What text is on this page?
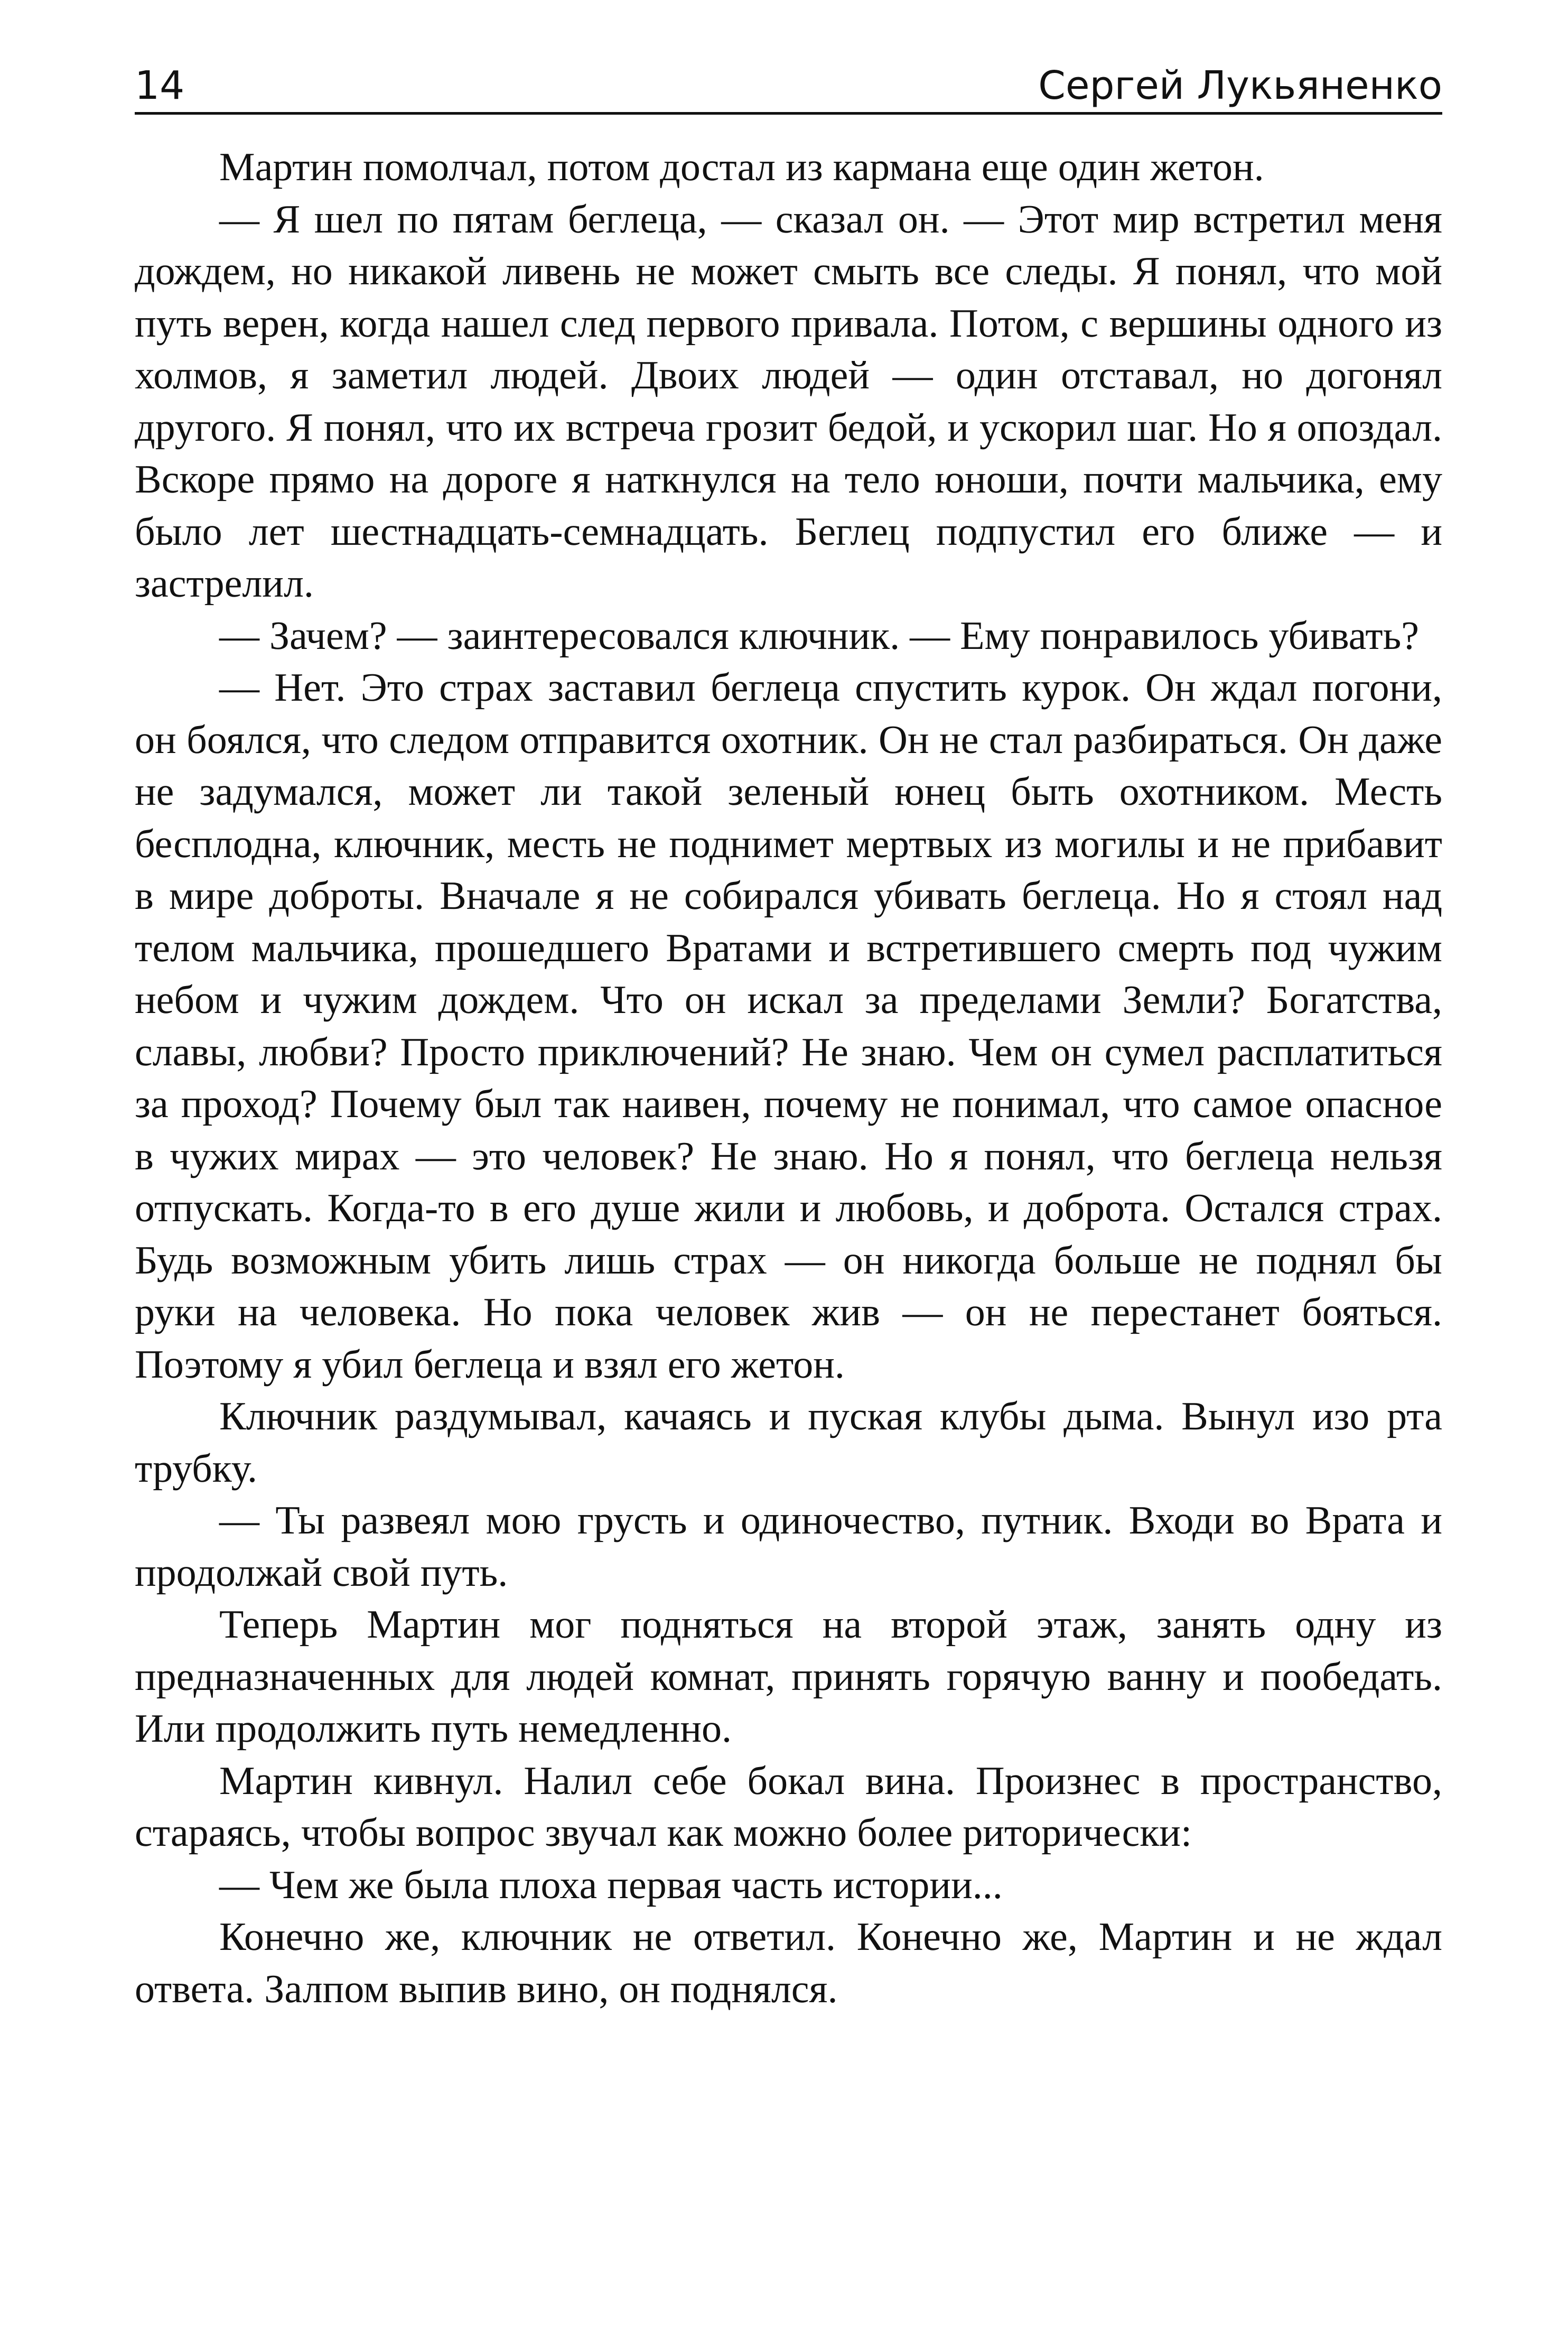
14	Сергей Лукьяненко

Мартин помолчал, потом достал из кармана еще один жетон.

— Я шел по пятам беглеца, — сказал он. — Этот мир встретил меня дождем, но никакой ливень не может смыть все следы. Я понял, что мой путь верен, когда нашел след первого привала. Потом, с вершины одного из холмов, я заметил людей. Двоих людей — один отставал, но догонял другого. Я понял, что их встреча грозит бедой, и ускорил шаг. Но я опоздал. Вскоре прямо на дороге я наткнулся на тело юноши, почти мальчика, ему было лет шестнадцать-семнадцать. Беглец подпустил его ближе — и застрелил.

— Зачем? — заинтересовался ключник. — Ему понравилось убивать?

— Нет. Это страх заставил беглеца спустить курок. Он ждал погони, он боялся, что следом отправится охотник. Он не стал разбираться. Он даже не задумался, может ли такой зеленый юнец быть охотником. Месть бесплодна, ключник, месть не поднимет мертвых из могилы и не прибавит в мире доброты. Вначале я не собирался убивать беглеца. Но я стоял над телом мальчика, прошедшего Вратами и встретившего смерть под чужим небом и чужим дождем. Что он искал за пределами Земли? Богатства, славы, любви? Просто приключений? Не знаю. Чем он сумел расплатиться за проход? Почему был так наивен, почему не понимал, что самое опасное в чужих мирах — это человек? Не знаю. Но я понял, что беглеца нельзя отпускать. Когда-то в его душе жили и любовь, и доброта. Остался страх. Будь возможным убить лишь страх — он никогда больше не поднял бы руки на человека. Но пока человек жив — он не перестанет бояться. Поэтому я убил беглеца и взял его жетон.

Ключник раздумывал, качаясь и пуская клубы дыма. Вынул изо рта трубку.

— Ты развеял мою грусть и одиночество, путник. Входи во Врата и продолжай свой путь.

Теперь Мартин мог подняться на второй этаж, занять одну из предназначенных для людей комнат, принять горячую ванну и пообедать. Или продолжить путь немедленно.

Мартин кивнул. Налил себе бокал вина. Произнес в пространство, стараясь, чтобы вопрос звучал как можно более риторически:

— Чем же была плоха первая часть истории...

Конечно же, ключник не ответил. Конечно же, Мартин и не ждал ответа. Залпом выпив вино, он поднялся.
